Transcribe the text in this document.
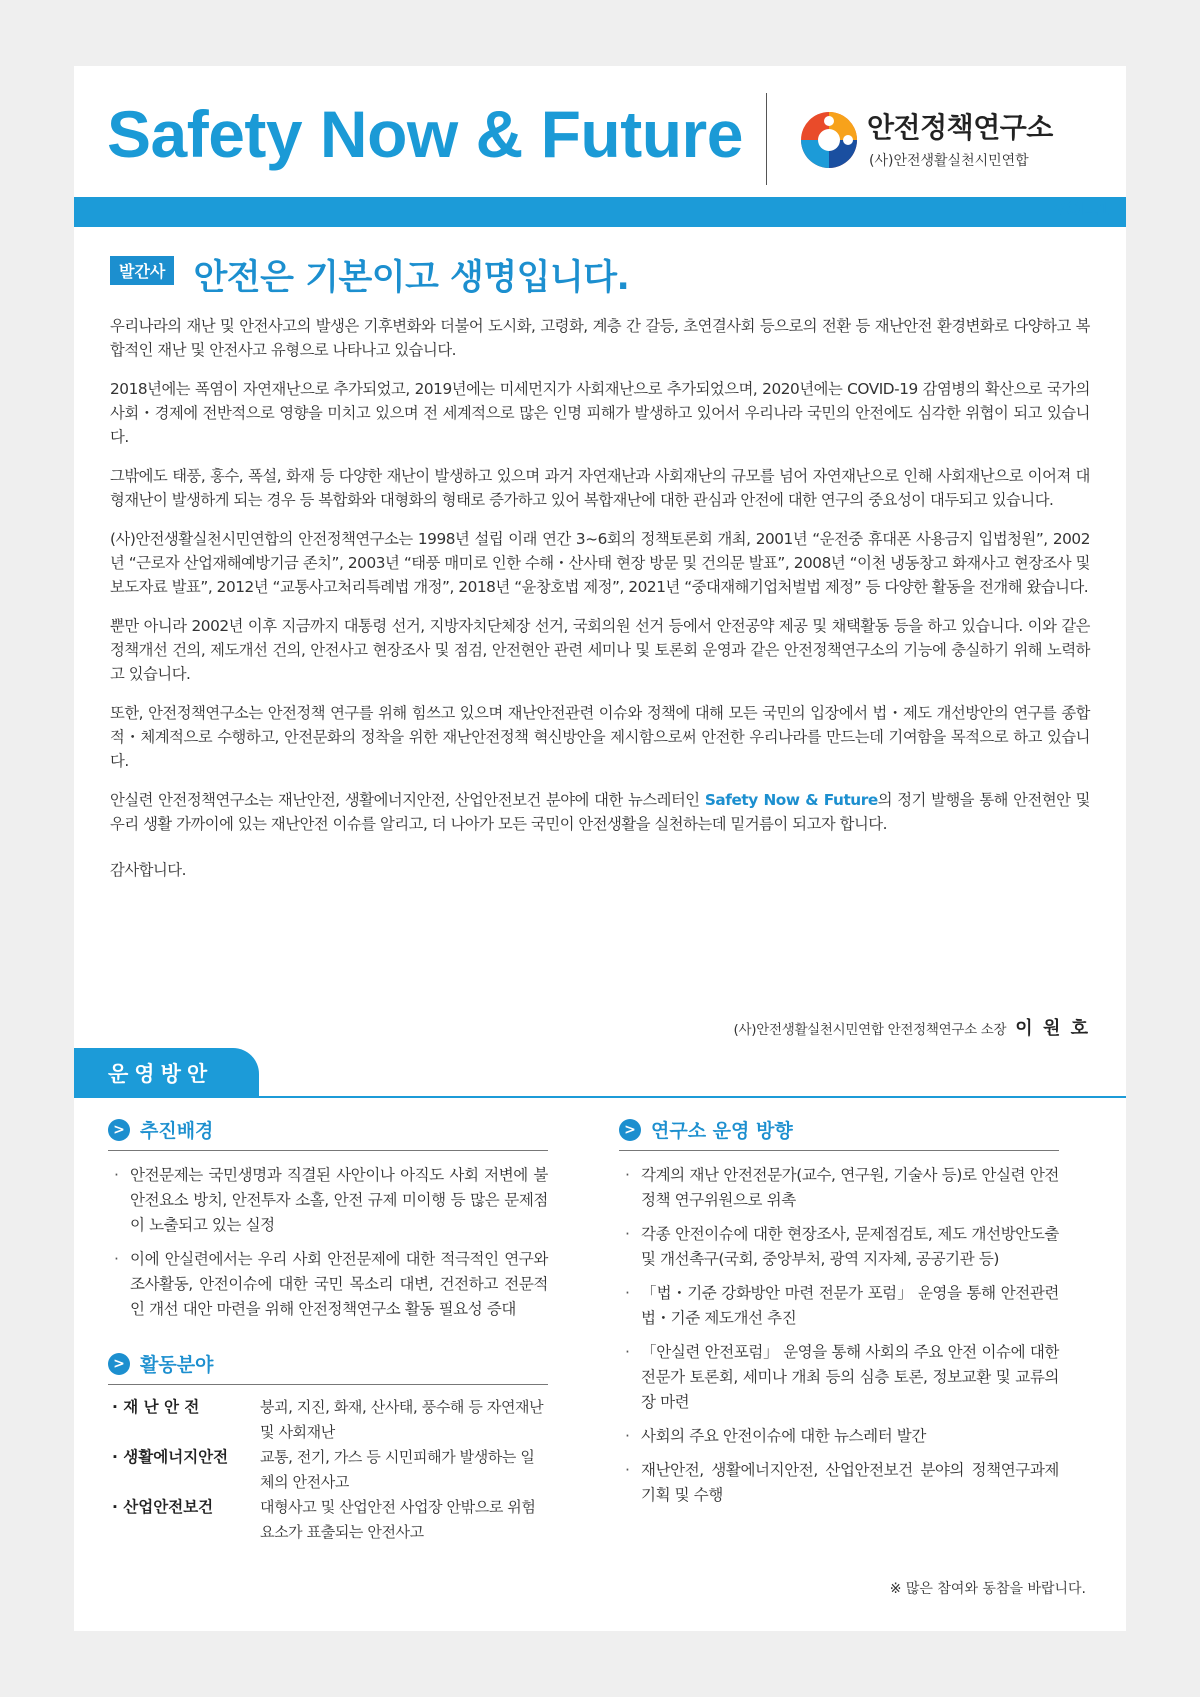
Safety Now & Future	안전정책연구소
(사)안전생활실천시민연합
VOL.1
발간사 안전은 기본이고 생명입니다.

우리나라의 재난 및 안전사고의 발생은 기후변화와 더불어 도시화, 고령화, 계층 간 갈등, 초연결사회 등으로의 전환 등 재난안전 환경변화로 다양하고 복합적인 재난 및 안전사고 유형으로 나타나고 있습니다.

2018년에는 폭염이 자연재난으로 추가되었고, 2019년에는 미세먼지가 사회재난으로 추가되었으며, 2020년에는 COVID-19 감염병의 확산으로 국가의 사회・경제에 전반적으로 영향을 미치고 있으며 전 세계적으로 많은 인명 피해가 발생하고 있어서 우리나라 국민의 안전에도 심각한 위협이 되고 있습니다.

그밖에도 태풍, 홍수, 폭설, 화재 등 다양한 재난이 발생하고 있으며 과거 자연재난과 사회재난의 규모를 넘어 자연재난으로 인해 사회재난으로 이어져 대형재난이 발생하게 되는 경우 등 복합화와 대형화의 형태로 증가하고 있어 복합재난에 대한 관심과 안전에 대한 연구의 중요성이 대두되고 있습니다.

(사)안전생활실천시민연합의 안전정책연구소는 1998년 설립 이래 연간 3~6회의 정책토론회 개최, 2001년 “운전중 휴대폰 사용금지 입법청원”, 2002년 “근로자 산업재해예방기금 존치”, 2003년 “태풍 매미로 인한 수해・산사태 현장 방문 및 건의문 발표”, 2008년 “이천 냉동창고 화재사고 현장조사 및 보도자료 발표”, 2012년 “교통사고처리특례법 개정”, 2018년 “윤창호법 제정”, 2021년 “중대재해기업처벌법 제정” 등 다양한 활동을 전개해 왔습니다.

뿐만 아니라 2002년 이후 지금까지 대통령 선거, 지방자치단체장 선거, 국회의원 선거 등에서 안전공약 제공 및 채택활동 등을 하고 있습니다. 이와 같은 정책개선 건의, 제도개선 건의, 안전사고 현장조사 및 점검, 안전현안 관련 세미나 및 토론회 운영과 같은 안전정책연구소의 기능에 충실하기 위해 노력하고 있습니다.

또한, 안전정책연구소는 안전정책 연구를 위해 힘쓰고 있으며 재난안전관련 이슈와 정책에 대해 모든 국민의 입장에서 법・제도 개선방안의 연구를 종합적・체계적으로 수행하고, 안전문화의 정착을 위한 재난안전정책 혁신방안을 제시함으로써 안전한 우리나라를 만드는데 기여함을 목적으로 하고 있습니다.

안실련 안전정책연구소는 재난안전, 생활에너지안전, 산업안전보건 분야에 대한 뉴스레터인 Safety Now & Future의 정기 발행을 통해 안전현안 및 우리 생활 가까이에 있는 재난안전 이슈를 알리고, 더 나아가 모든 국민이 안전생활을 실천하는데 밑거름이 되고자 합니다.

감사합니다.

(사)안전생활실천시민연합 안전정책연구소 소장 이 원 호
운영방안
> 추진배경
· 안전문제는 국민생명과 직결된 사안이나 아직도 사회 저변에 불안전요소 방치, 안전투자 소홀, 안전 규제 미이행 등 많은 문제점이 노출되고 있는 실정
· 이에 안실련에서는 우리 사회 안전문제에 대한 적극적인 연구와 조사활동, 안전이슈에 대한 국민 목소리 대변, 건전하고 전문적인 개선 대안 마련을 위해 안전정책연구소 활동 필요성 증대
> 활동분야
· 재 난 안 전	붕괴, 지진, 화재, 산사태, 풍수해 등 자연재난 및 사회재난
· 생활에너지안전	교통, 전기, 가스 등 시민피해가 발생하는 일체의 안전사고
· 산업안전보건	대형사고 및 산업안전 사업장 안밖으로 위험요소가 표출되는 안전사고
> 연구소 운영 방향
· 각계의 재난 안전전문가(교수, 연구원, 기술사 등)로 안실련 안전정책 연구위원으로 위촉
· 각종 안전이슈에 대한 현장조사, 문제점검토, 제도 개선방안도출 및 개선촉구(국회, 중앙부처, 광역 지자체, 공공기관 등)
· 「법・기준 강화방안 마련 전문가 포럼」 운영을 통해 안전관련 법・기준 제도개선 추진
· 「안실련 안전포럼」 운영을 통해 사회의 주요 안전 이슈에 대한 전문가 토론회, 세미나 개최 등의 심층 토론, 정보교환 및 교류의 장 마련
· 사회의 주요 안전이슈에 대한 뉴스레터 발간
· 재난안전, 생활에너지안전, 산업안전보건 분야의 정책연구과제 기획 및 수행
※ 많은 참여와 동참을 바랍니다.
